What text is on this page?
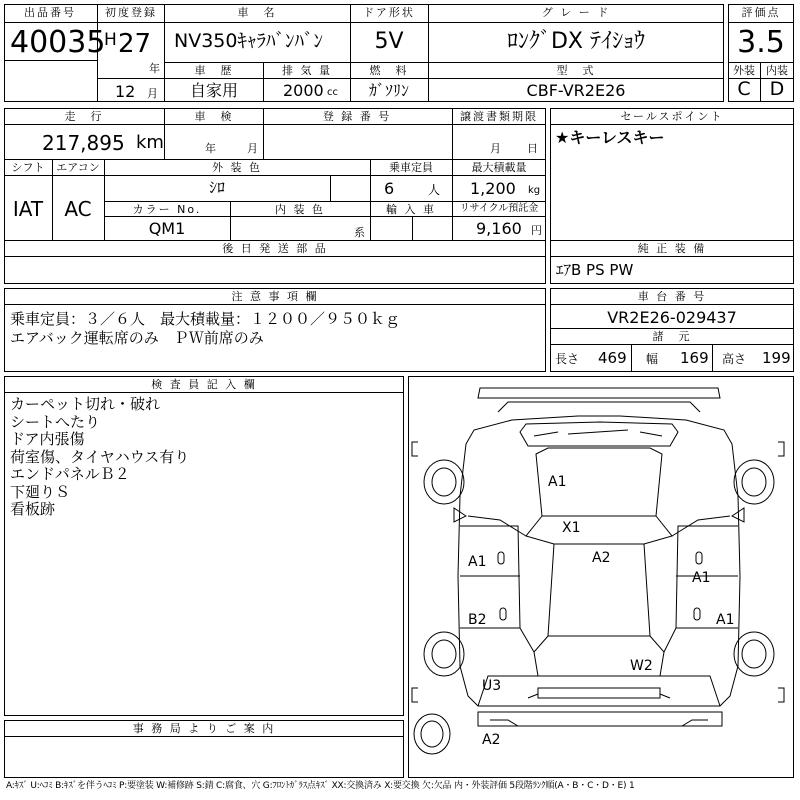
出品番号
40035
初度登録
H 27
年
12 月
車　名
NV350ｷｬﾗﾊﾞﾝﾊﾞﾝ
ドア形状
5V
グ レ ー ド
ﾛﾝｸﾞDX ﾃｲｼｮｳ
評価点
3.5
外装 内装
C D
車　歴
自家用
排 気 量
2000 cc
燃　料
ｶﾞｿﾘﾝ
型　式
CBF-VR2E26
走　行
217,895 km
車　検
年	月
登 録 番 号	譲渡書類期限
月 日
セールスポイント
★キーレスキー
シフト エアコン
IAT AC
外 装 色
ｼﾛ
乗車定員
6	人
最大積載量
1,200 kg
カラー No.
QM1
内 装 色
系
輸 入 車 リサイクル預託金
9,160 円
後 日 発 送 部 品	純 正 装 備
ｴｱB PS PW
注 意 事 項 欄
乗車定員：３／６人　最大積載量：１２００／９５０ｋｇ
エアバック運転席のみ　ＰＷ前席のみ
車 台 番 号
VR2E26-029437
諸　元
長さ 469 幅 169 高さ 199
検 査 員 記 入 欄
カーペット切れ・破れ
シートへたり
ドア内張傷
荷室傷、タイヤハウス有り
エンドパネルＢ２
下廻りＳ
看板跡
事 務 局 よ り ご 案 内
A1
X1
A2
A1
A1
B2	A1
W2
U3
A2
A:ｷｽﾞ U:ﾍｺﾐ B:ｷｽﾞを伴うﾍｺﾐ P:要塗装 W:補修跡 S:錆 C:腐食、穴 G:ﾌﾛﾝﾄｶﾞﾗｽ点ｷｽﾞ XX:交換済み X:要交換 欠:欠品 内・外装評価 5段階ﾗﾝｸ順(A・B・C・D・E) 1
